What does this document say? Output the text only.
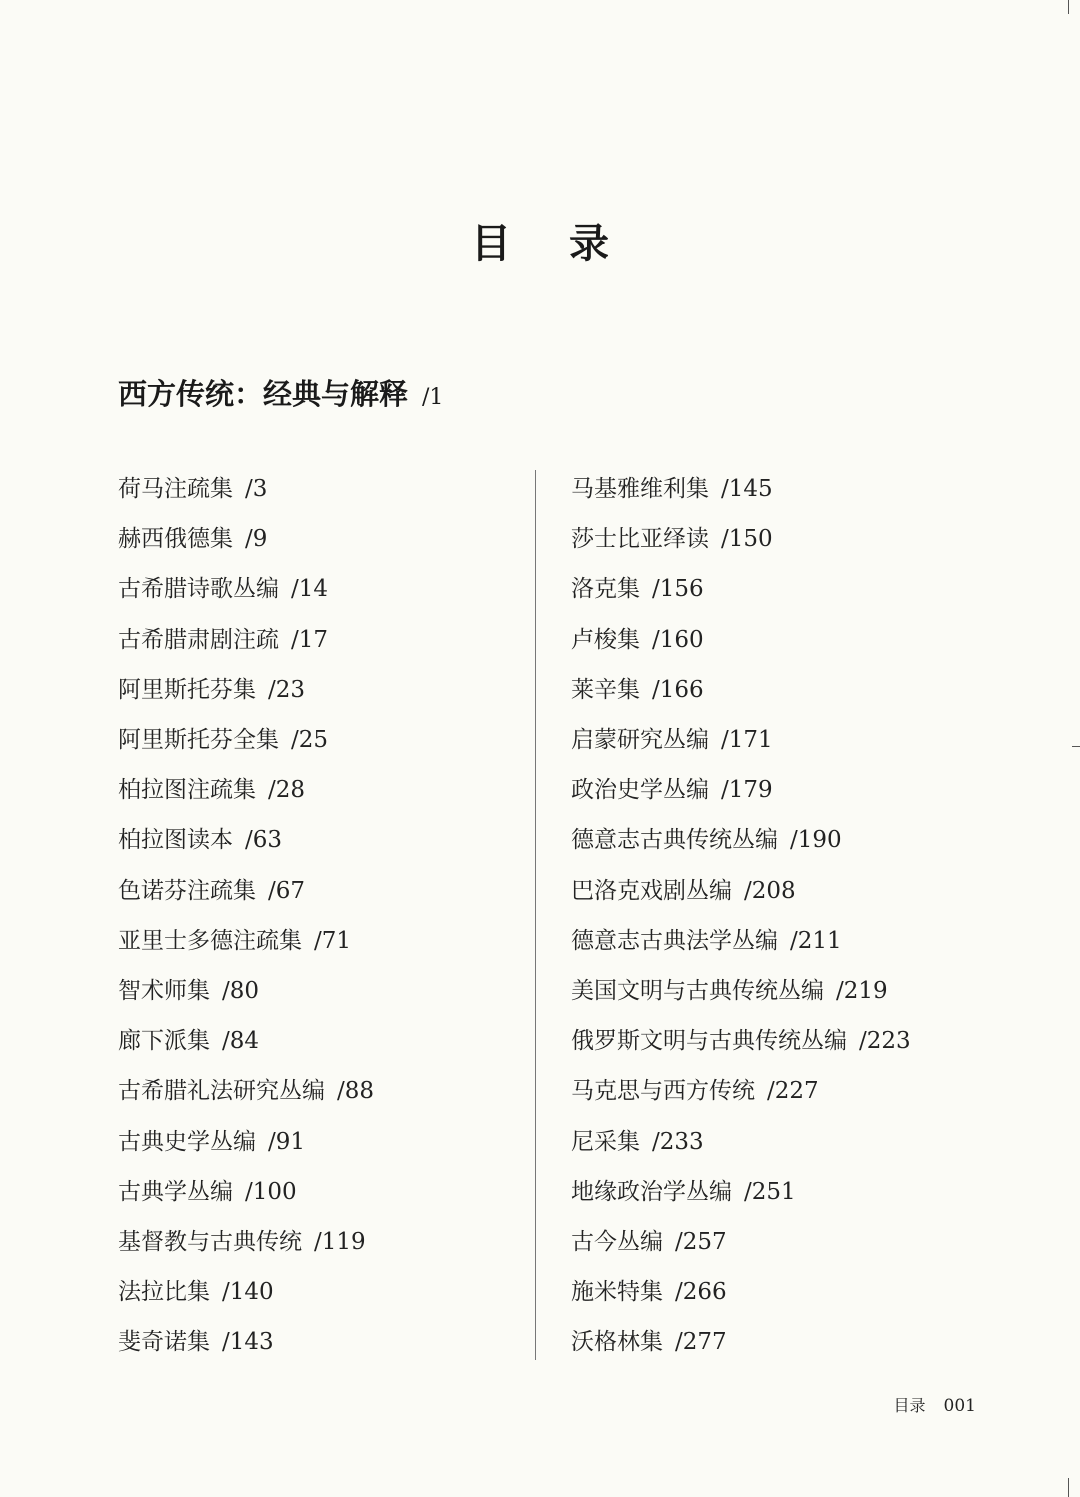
目 录
西方传统：经典与解释 /1
荷马注疏集 /3
赫西俄德集 /9
古希腊诗歌丛编 /14
古希腊肃剧注疏 /17
阿里斯托芬集 /23
阿里斯托芬全集 /25
柏拉图注疏集 /28
柏拉图读本 /63
色诺芬注疏集 /67
亚里士多德注疏集 /71
智术师集 /80
廊下派集 /84
古希腊礼法研究丛编 /88
古典史学丛编 /91
古典学丛编 /100
基督教与古典传统 /119
法拉比集 /140
斐奇诺集 /143
马基雅维利集 /145
莎士比亚绎读 /150
洛克集 /156
卢梭集 /160
莱辛集 /166
启蒙研究丛编 /171
政治史学丛编 /179
德意志古典传统丛编 /190
巴洛克戏剧丛编 /208
德意志古典法学丛编 /211
美国文明与古典传统丛编 /219
俄罗斯文明与古典传统丛编 /223
马克思与西方传统 /227
尼采集 /233
地缘政治学丛编 /251
古今丛编 /257
施米特集 /266
沃格林集 /277
目录 001
